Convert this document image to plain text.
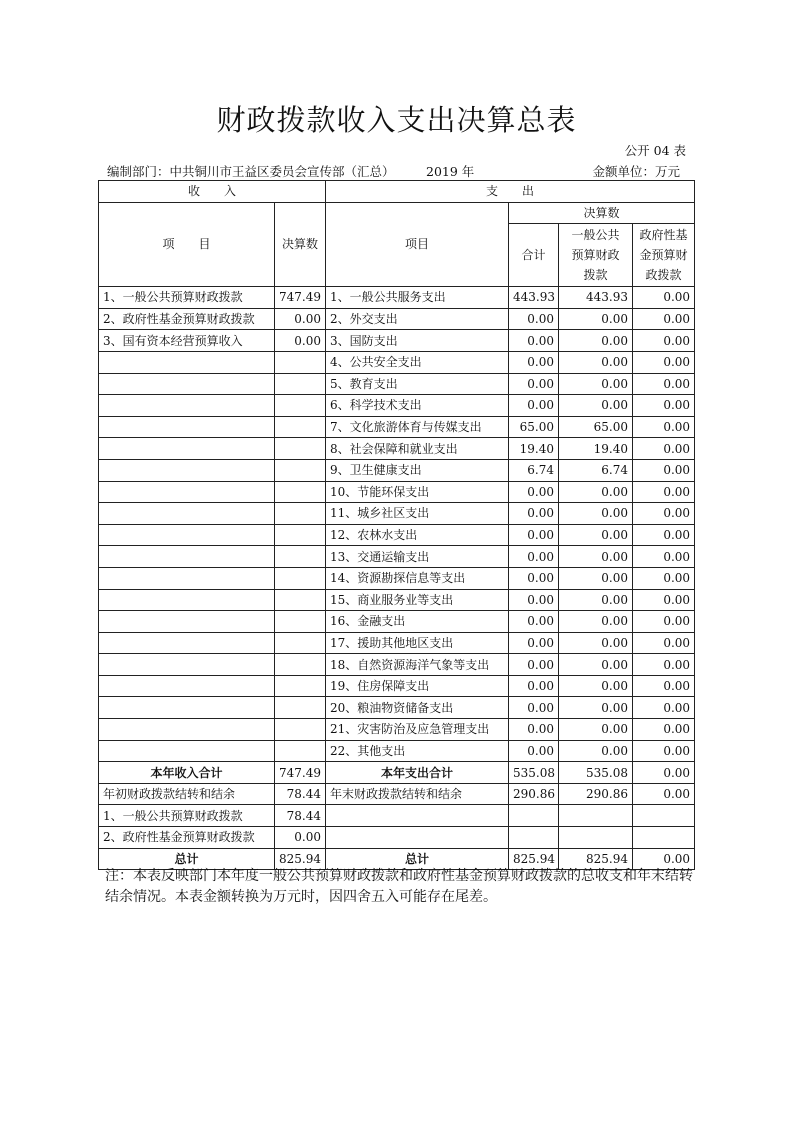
财政拨款收入支出决算总表
公开 04 表
编制部门：中共铜川市王益区委员会宣传部（汇总）	2019 年	金额单位：万元
收　　入		支　　出			
项　　目	决算数	项目	决算数		
			合计	一般公共预算财政拨款	政府性基金预算财政拨款
1、一般公共预算财政拨款	747.49	1、一般公共服务支出	443.93	443.93	0.00
2、政府性基金预算财政拨款	0.00	2、外交支出	0.00	0.00	0.00
3、国有资本经营预算收入	0.00	3、国防支出	0.00	0.00	0.00
		4、公共安全支出	0.00	0.00	0.00
		5、教育支出	0.00	0.00	0.00
		6、科学技术支出	0.00	0.00	0.00
		7、文化旅游体育与传媒支出	65.00	65.00	0.00
		8、社会保障和就业支出	19.40	19.40	0.00
		9、卫生健康支出	6.74	6.74	0.00
		10、节能环保支出	0.00	0.00	0.00
		11、城乡社区支出	0.00	0.00	0.00
		12、农林水支出	0.00	0.00	0.00
		13、交通运输支出	0.00	0.00	0.00
		14、资源勘探信息等支出	0.00	0.00	0.00
		15、商业服务业等支出	0.00	0.00	0.00
		16、金融支出	0.00	0.00	0.00
		17、援助其他地区支出	0.00	0.00	0.00
		18、自然资源海洋气象等支出	0.00	0.00	0.00
		19、住房保障支出	0.00	0.00	0.00
		20、粮油物资储备支出	0.00	0.00	0.00
		21、灾害防治及应急管理支出	0.00	0.00	0.00
		22、其他支出	0.00	0.00	0.00
本年收入合计	747.49	本年支出合计	535.08	535.08	0.00
年初财政拨款结转和结余	78.44	年末财政拨款结转和结余	290.86	290.86	0.00
1、一般公共预算财政拨款	78.44				
2、政府性基金预算财政拨款	0.00				
总计	825.94	总计	825.94	825.94	0.00
注：本表反映部门本年度一般公共预算财政拨款和政府性基金预算财政拨款的总收支和年末结转结余情况。本表金额转换为万元时，因四舍五入可能存在尾差。
